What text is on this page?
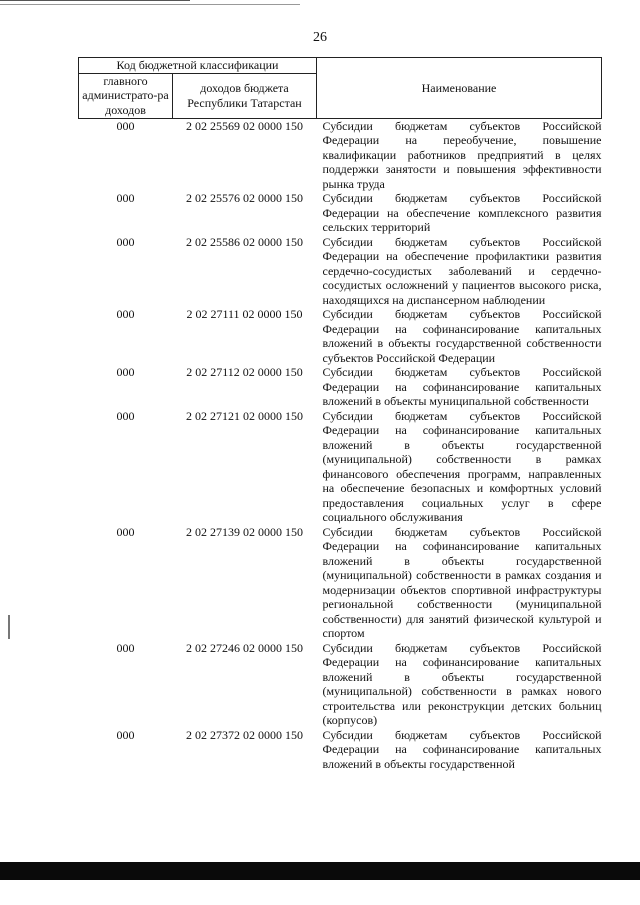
26
Код бюджетной классификации		Наименование
главного администрато-ра доходов	доходов бюджета Республики Татарстан	
000	2 02 25569 02 0000 150	Субсидии бюджетам субъектов Российской Федерации на переобучение, повышение квалификации работников предприятий в целях поддержки занятости и повышения эффективности рынка труда
000	2 02 25576 02 0000 150	Субсидии бюджетам субъектов Российской Федерации на обеспечение комплексного развития сельских территорий
000	2 02 25586 02 0000 150	Субсидии бюджетам субъектов Российской Федерации на обеспечение профилактики развития сердечно-сосудистых заболеваний и сердечно-сосудистых осложнений у пациентов высокого риска, находящихся на диспансерном наблюдении
000	2 02 27111 02 0000 150	Субсидии бюджетам субъектов Российской Федерации на софинансирование капитальных вложений в объекты государственной собственности субъектов Российской Федерации
000	2 02 27112 02 0000 150	Субсидии бюджетам субъектов Российской Федерации на софинансирование капитальных вложений в объекты муниципальной собственности
000	2 02 27121 02 0000 150	Субсидии бюджетам субъектов Российской Федерации на софинансирование капитальных вложений в объекты государственной (муниципальной) собственности в рамках финансового обеспечения программ, направленных на обеспечение безопасных и комфортных условий предоставления социальных услуг в сфере социального обслуживания
000	2 02 27139 02 0000 150	Субсидии бюджетам субъектов Российской Федерации на софинансирование капитальных вложений в объекты государственной (муниципальной) собственности в рамках создания и модернизации объектов спортивной инфраструктуры региональной собственности (муниципальной собственности) для занятий физической культурой и спортом
000	2 02 27246 02 0000 150	Субсидии бюджетам субъектов Российской Федерации на софинансирование капитальных вложений в объекты государственной (муниципальной) собственности в рамках нового строительства или реконструкции детских больниц (корпусов)
000	2 02 27372 02 0000 150	Субсидии бюджетам субъектов Российской Федерации на софинансирование капитальных вложений в объекты государственной
